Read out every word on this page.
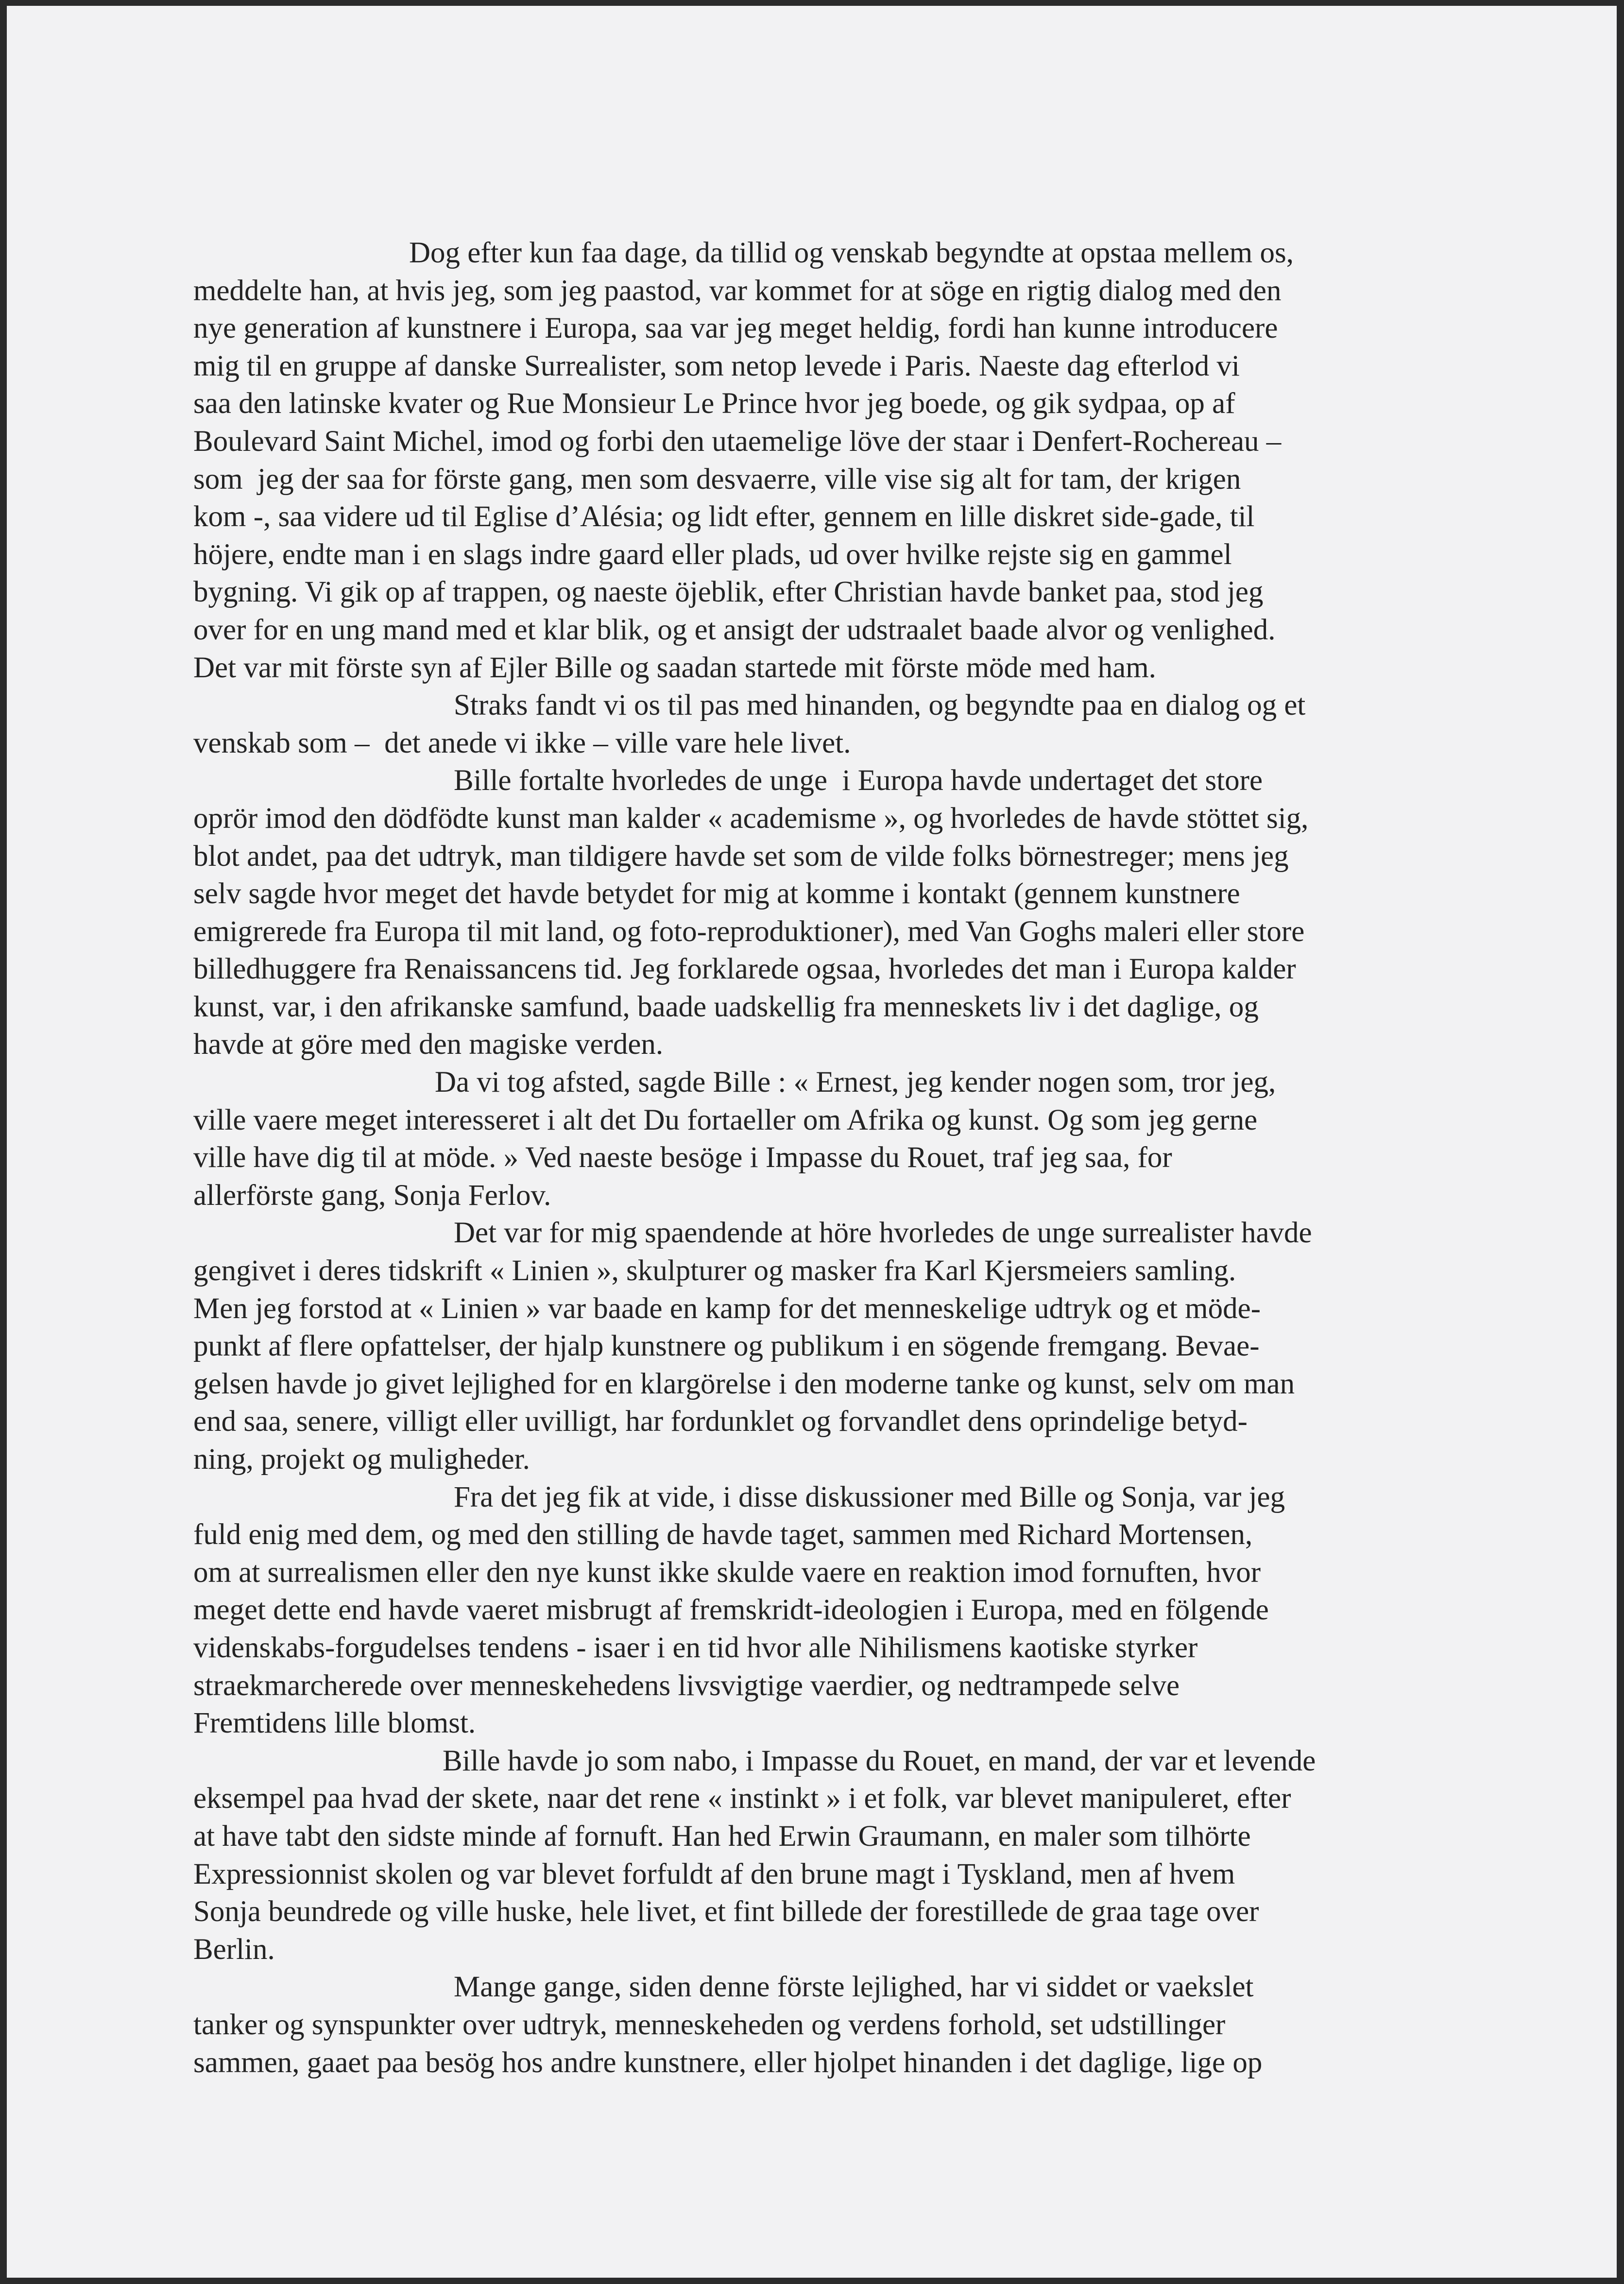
Dog efter kun faa dage, da tillid og venskab begyndte at opstaa mellem os,
meddelte han, at hvis jeg, som jeg paastod, var kommet for at söge en rigtig dialog med den
nye generation af kunstnere i Europa, saa var jeg meget heldig, fordi han kunne introducere
mig til en gruppe af danske Surrealister, som netop levede i Paris. Naeste dag efterlod vi
saa den latinske kvater og Rue Monsieur Le Prince hvor jeg boede, og gik sydpaa, op af
Boulevard Saint Michel, imod og forbi den utaemelige löve der staar i Denfert-Rochereau –
som  jeg der saa for förste gang, men som desvaerre, ville vise sig alt for tam, der krigen
kom -, saa videre ud til Eglise d’Alésia; og lidt efter, gennem en lille diskret side-gade, til
höjere, endte man i en slags indre gaard eller plads, ud over hvilke rejste sig en gammel
bygning. Vi gik op af trappen, og naeste öjeblik, efter Christian havde banket paa, stod jeg
over for en ung mand med et klar blik, og et ansigt der udstraalet baade alvor og venlighed.
Det var mit förste syn af Ejler Bille og saadan startede mit förste möde med ham.
Straks fandt vi os til pas med hinanden, og begyndte paa en dialog og et
venskab som –  det anede vi ikke – ville vare hele livet.
Bille fortalte hvorledes de unge  i Europa havde undertaget det store
oprör imod den dödfödte kunst man kalder « academisme », og hvorledes de havde stöttet sig,
blot andet, paa det udtryk, man tildigere havde set som de vilde folks börnestreger; mens jeg
selv sagde hvor meget det havde betydet for mig at komme i kontakt (gennem kunstnere
emigrerede fra Europa til mit land, og foto-reproduktioner), med Van Goghs maleri eller store
billedhuggere fra Renaissancens tid. Jeg forklarede ogsaa, hvorledes det man i Europa kalder
kunst, var, i den afrikanske samfund, baade uadskellig fra menneskets liv i det daglige, og
havde at göre med den magiske verden.
Da vi tog afsted, sagde Bille : « Ernest, jeg kender nogen som, tror jeg,
ville vaere meget interesseret i alt det Du fortaeller om Afrika og kunst. Og som jeg gerne
ville have dig til at möde. » Ved naeste besöge i Impasse du Rouet, traf jeg saa, for
allerförste gang, Sonja Ferlov.
Det var for mig spaendende at höre hvorledes de unge surrealister havde
gengivet i deres tidskrift « Linien », skulpturer og masker fra Karl Kjersmeiers samling.
Men jeg forstod at « Linien » var baade en kamp for det menneskelige udtryk og et möde-
punkt af flere opfattelser, der hjalp kunstnere og publikum i en sögende fremgang. Bevae-
gelsen havde jo givet lejlighed for en klargörelse i den moderne tanke og kunst, selv om man
end saa, senere, villigt eller uvilligt, har fordunklet og forvandlet dens oprindelige betyd-
ning, projekt og muligheder.
Fra det jeg fik at vide, i disse diskussioner med Bille og Sonja, var jeg
fuld enig med dem, og med den stilling de havde taget, sammen med Richard Mortensen,
om at surrealismen eller den nye kunst ikke skulde vaere en reaktion imod fornuften, hvor
meget dette end havde vaeret misbrugt af fremskridt-ideologien i Europa, med en fölgende
videnskabs-forgudelses tendens - isaer i en tid hvor alle Nihilismens kaotiske styrker
straekmarcherede over menneskehedens livsvigtige vaerdier, og nedtrampede selve
Fremtidens lille blomst.
Bille havde jo som nabo, i Impasse du Rouet, en mand, der var et levende
eksempel paa hvad der skete, naar det rene « instinkt » i et folk, var blevet manipuleret, efter
at have tabt den sidste minde af fornuft. Han hed Erwin Graumann, en maler som tilhörte
Expressionnist skolen og var blevet forfuldt af den brune magt i Tyskland, men af hvem
Sonja beundrede og ville huske, hele livet, et fint billede der forestillede de graa tage over
Berlin.
Mange gange, siden denne förste lejlighed, har vi siddet or vaekslet
tanker og synspunkter over udtryk, menneskeheden og verdens forhold, set udstillinger
sammen, gaaet paa besög hos andre kunstnere, eller hjolpet hinanden i det daglige, lige op
